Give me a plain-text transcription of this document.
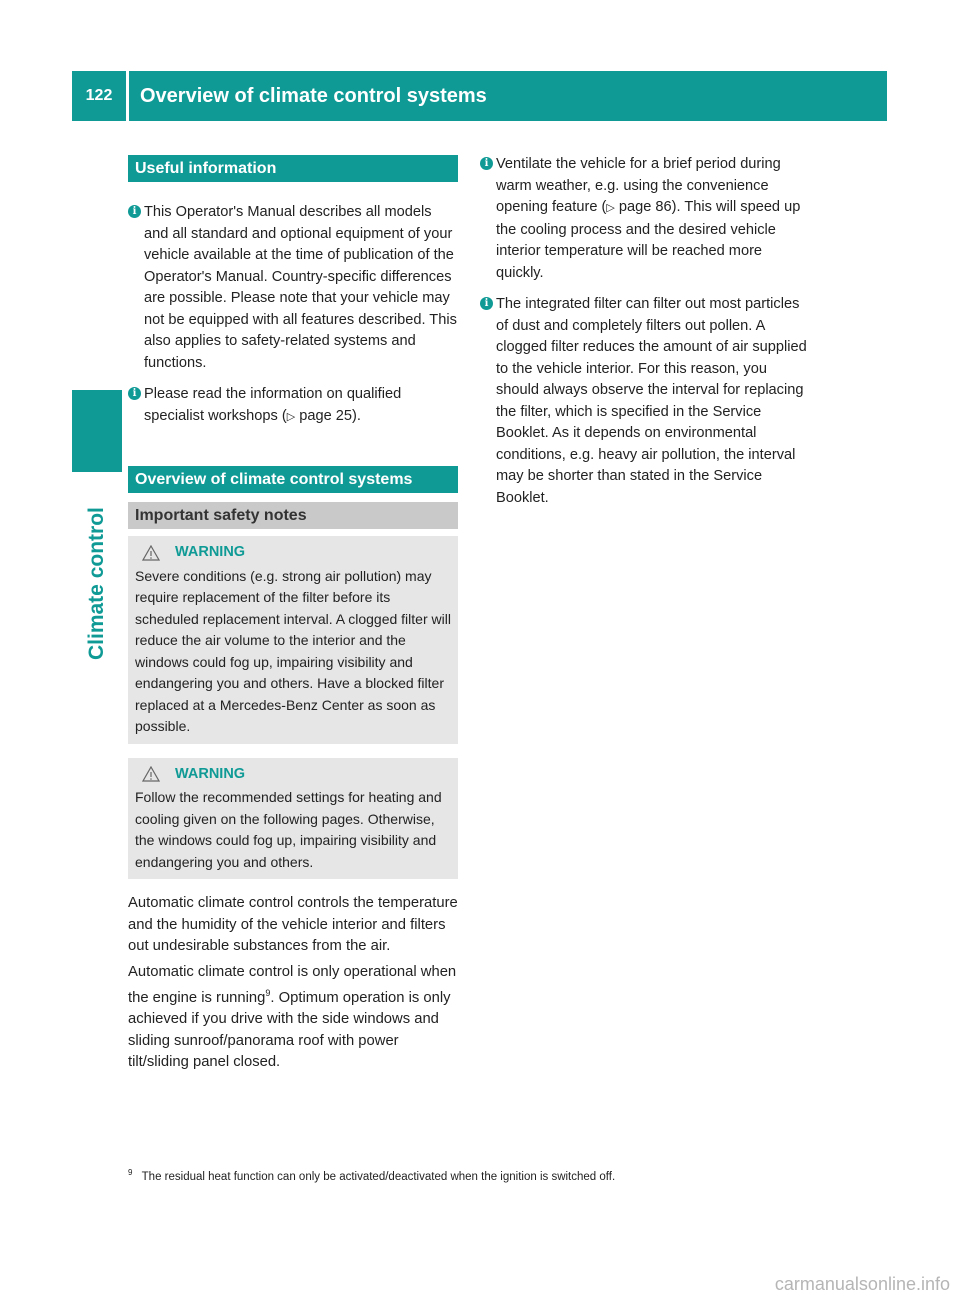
122	Overview of climate control systems
Climate control
Useful information
i This Operator's Manual describes all models and all standard and optional equipment of your vehicle available at the time of publication of the Operator's Manual. Country-specific differences are possible. Please note that your vehicle may not be equipped with all features described. This also applies to safety-related systems and functions.
i Please read the information on qualified specialist workshops (▷ page 25).
Overview of climate control systems
Important safety notes
WARNING
Severe conditions (e.g. strong air pollution) may require replacement of the filter before its scheduled replacement interval. A clogged filter will reduce the air volume to the interior and the windows could fog up, impairing visibility and endangering you and others. Have a blocked filter replaced at a Mercedes-Benz Center as soon as possible.
WARNING
Follow the recommended settings for heating and cooling given on the following pages. Otherwise, the windows could fog up, impairing visibility and endangering you and others.
Automatic climate control controls the temperature and the humidity of the vehicle interior and filters out undesirable substances from the air.
Automatic climate control is only operational when the engine is running$^9$. Optimum operation is only achieved if you drive with the side windows and sliding sunroof/panorama roof with power tilt/sliding panel closed.
i Ventilate the vehicle for a brief period during warm weather, e.g. using the convenience opening feature (▷ page 86). This will speed up the cooling process and the desired vehicle interior temperature will be reached more quickly.
i The integrated filter can filter out most particles of dust and completely filters out pollen. A clogged filter reduces the amount of air supplied to the vehicle interior. For this reason, you should always observe the interval for replacing the filter, which is specified in the Service Booklet. As it depends on environmental conditions, e.g. heavy air pollution, the interval may be shorter than stated in the Service Booklet.
$^9$ The residual heat function can only be activated/deactivated when the ignition is switched off.
carmanualsonline.info
